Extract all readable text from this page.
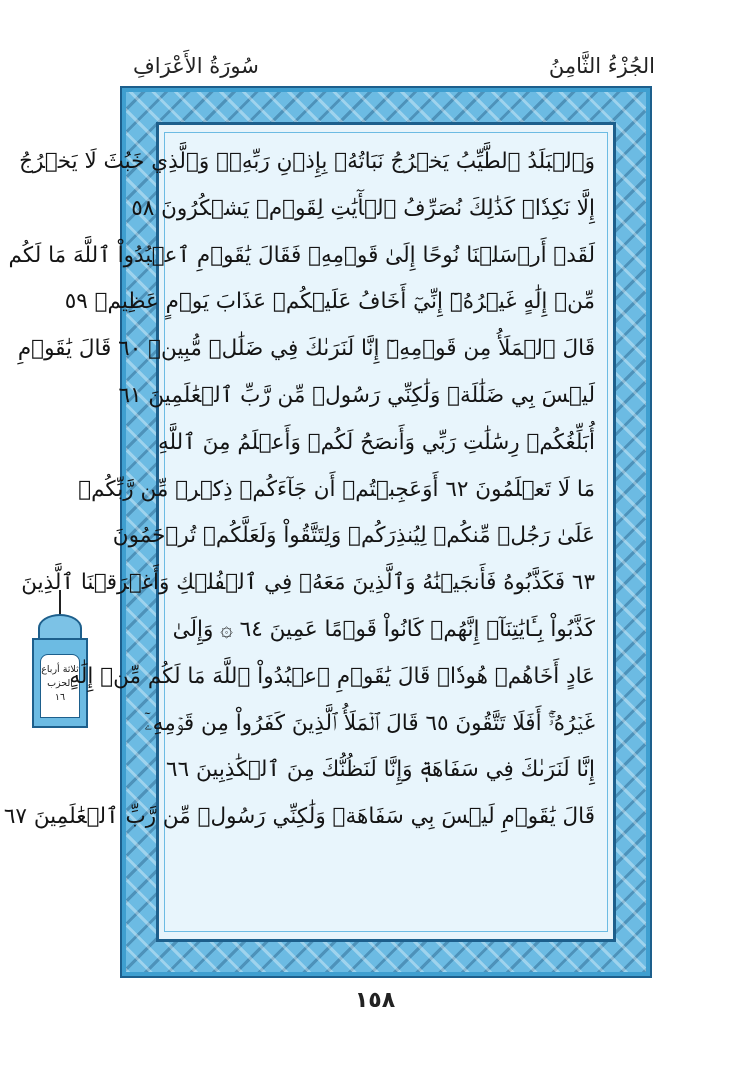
سُورَةُ الأَعْرَافِ	الجُزْءُ الثَّامِنُ
ثلاثة أرباع
الحزب
١٦
وَٱلۡبَلَدُ ٱلطَّيِّبُ يَخۡرُجُ نَبَاتُهُۥ بِإِذۡنِ رَبِّهِۦۖ وَٱلَّذِي خَبُثَ لَا يَخۡرُجُ
إِلَّا نَكِدٗاۚ كَذَٰلِكَ نُصَرِّفُ ٱلۡأٓيَٰتِ لِقَوۡمٖ يَشۡكُرُونَ ٥٨
لَقَدۡ أَرۡسَلۡنَا نُوحًا إِلَىٰ قَوۡمِهِۦ فَقَالَ يَٰقَوۡمِ ٱعۡبُدُواْ ٱللَّهَ مَا لَكُم
مِّنۡ إِلَٰهٍ غَيۡرُهُۥٓ إِنِّيٓ أَخَافُ عَلَيۡكُمۡ عَذَابَ يَوۡمٍ عَظِيمٖ ٥٩
قَالَ ٱلۡمَلَأُ مِن قَوۡمِهِۦٓ إِنَّا لَنَرَىٰكَ فِي ضَلَٰلٖ مُّبِينٖ ٦٠ قَالَ يَٰقَوۡمِ
لَيۡسَ بِي ضَلَٰلَةٞ وَلَٰكِنِّي رَسُولٞ مِّن رَّبِّ ٱلۡعَٰلَمِينَ ٦١
أُبَلِّغُكُمۡ رِسَٰلَٰتِ رَبِّي وَأَنصَحُ لَكُمۡ وَأَعۡلَمُ مِنَ ٱللَّهِ
مَا لَا تَعۡلَمُونَ ٦٢ أَوَعَجِبۡتُمۡ أَن جَآءَكُمۡ ذِكۡرٞ مِّن رَّبِّكُمۡ
عَلَىٰ رَجُلٖ مِّنكُمۡ لِيُنذِرَكُمۡ وَلِتَتَّقُواْ وَلَعَلَّكُمۡ تُرۡحَمُونَ
٦٣ فَكَذَّبُوهُ فَأَنجَيۡنَٰهُ وَٱلَّذِينَ مَعَهُۥ فِي ٱلۡفُلۡكِ وَأَغۡرَقۡنَا ٱلَّذِينَ
كَذَّبُواْ بِـَٔايَٰتِنَآۚ إِنَّهُمۡ كَانُواْ قَوۡمًا عَمِينَ ٦٤ ۞ وَإِلَىٰ
عَادٍ أَخَاهُمۡ هُودٗاۚ قَالَ يَٰقَوۡمِ ٱعۡبُدُواْ ٱللَّهَ مَا لَكُم مِّنۡ إِلَٰهٍ
غَيۡرُهُۥٓۚ أَفَلَا تَتَّقُونَ ٦٥ قَالَ ٱلۡمَلَأُ ٱلَّذِينَ كَفَرُواْ مِن قَوۡمِهِۦٓ
إِنَّا لَنَرَىٰكَ فِي سَفَاهَةٖ وَإِنَّا لَنَظُنُّكَ مِنَ ٱلۡكَٰذِبِينَ ٦٦
قَالَ يَٰقَوۡمِ لَيۡسَ بِي سَفَاهَةٞ وَلَٰكِنِّي رَسُولٞ مِّن رَّبِّ ٱلۡعَٰلَمِينَ ٦٧
١٥٨
